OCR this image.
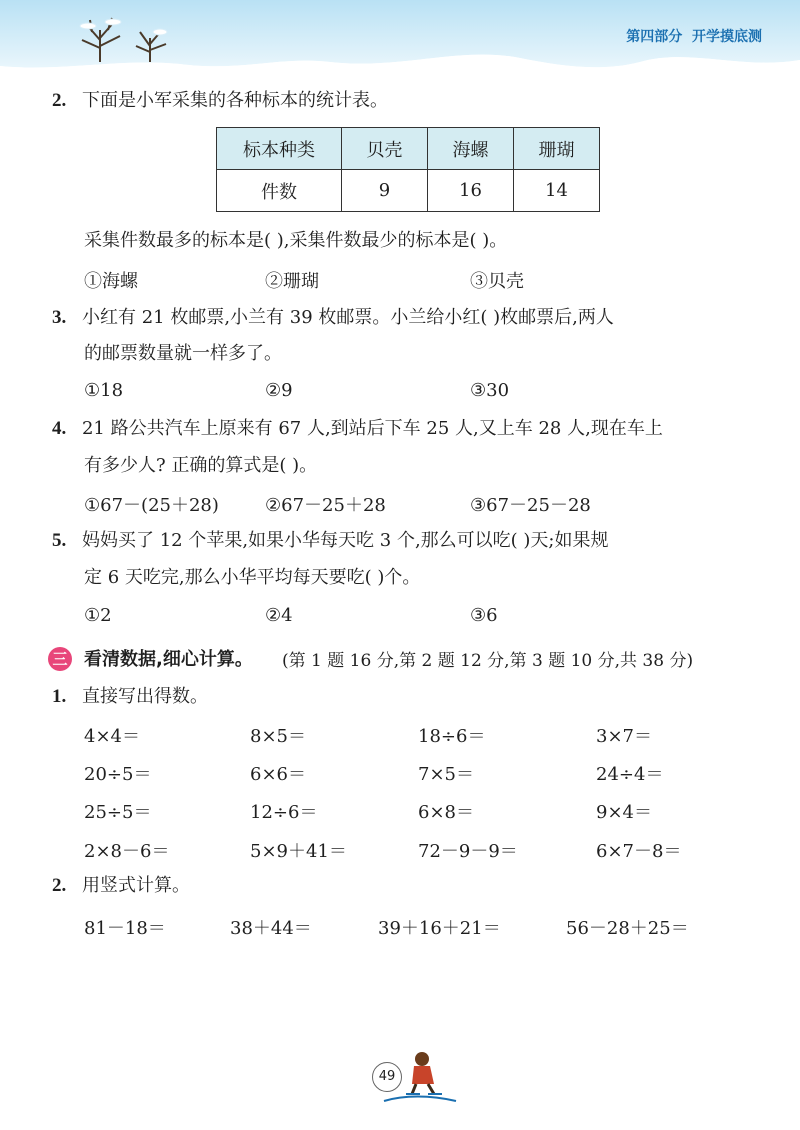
第四部分  开学摸底测
2. 下面是小军采集的各种标本的统计表。
标本种类	贝壳	海螺	珊瑚
件数	9	16	14
采集件数最多的标本是( ),采集件数最少的标本是( )。
①海螺	②珊瑚	③贝壳
3. 小红有 21 枚邮票,小兰有 39 枚邮票。小兰给小红( )枚邮票后,两人
的邮票数量就一样多了。
①18	②9	③30
4. 21 路公共汽车上原来有 67 人,到站后下车 25 人,又上车 28 人,现在车上
有多少人? 正确的算式是( )。
①67－(25＋28)	②67－25＋28	③67－25－28
5. 妈妈买了 12 个苹果,如果小华每天吃 3 个,那么可以吃( )天;如果规
定 6 天吃完,那么小华平均每天要吃( )个。
①2	②4	③6
三 看清数据,细心计算。 (第 1 题 16 分,第 2 题 12 分,第 3 题 10 分,共 38 分)
1. 直接写出得数。
4×4＝	8×5＝	18÷6＝	3×7＝
20÷5＝	6×6＝	7×5＝	24÷4＝
25÷5＝	12÷6＝	6×8＝	9×4＝
2×8－6＝	5×9＋41＝	72－9－9＝	6×7－8＝
2. 用竖式计算。
81－18＝	38＋44＝	39＋16＋21＝	56－28＋25＝
49
